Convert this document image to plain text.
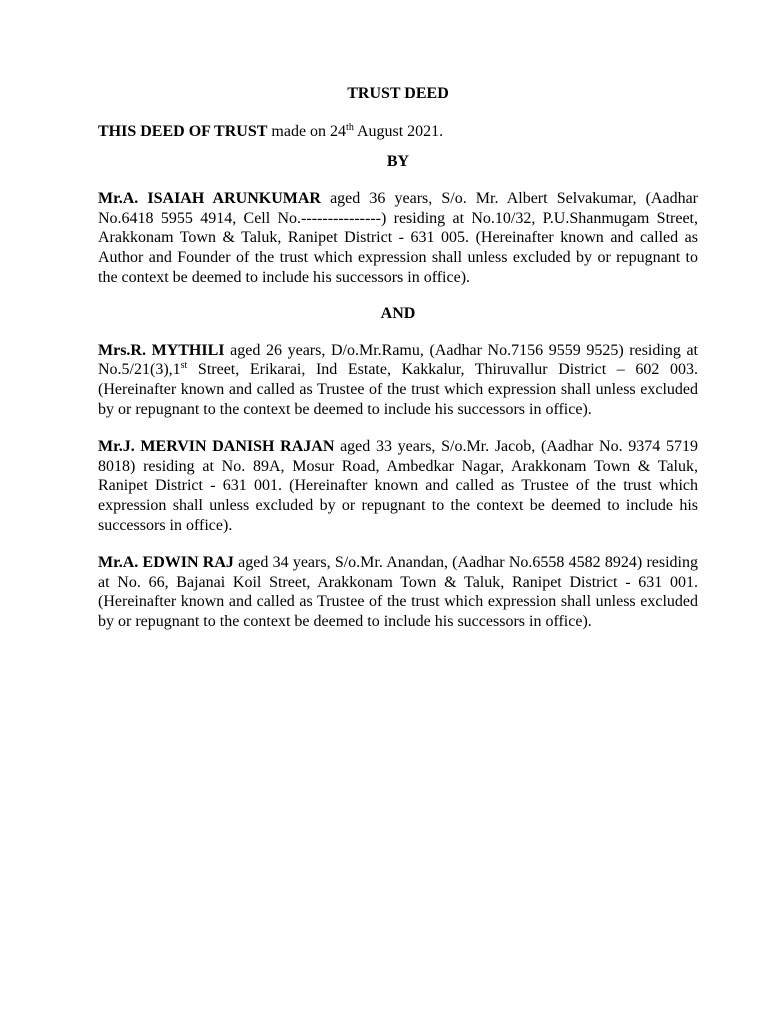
TRUST DEED

THIS DEED OF TRUST made on 24th August 2021.

BY

Mr.A. ISAIAH ARUNKUMAR aged 36 years, S/o. Mr. Albert Selvakumar, (Aadhar No.6418 5955 4914, Cell No.---------------) residing at No.10/32, P.U.Shanmugam Street, Arakkonam Town & Taluk, Ranipet District - 631 005. (Hereinafter known and called as Author and Founder of the trust which expression shall unless excluded by or repugnant to the context be deemed to include his successors in office).

AND

Mrs.R. MYTHILI aged 26 years, D/o.Mr.Ramu, (Aadhar No.7156 9559 9525) residing at No.5/21(3),1st Street, Erikarai, Ind Estate, Kakkalur, Thiruvallur District – 602 003.(Hereinafter known and called as Trustee of the trust which expression shall unless excluded by or repugnant to the context be deemed to include his successors in office).

Mr.J. MERVIN DANISH RAJAN aged 33 years, S/o.Mr. Jacob, (Aadhar No. 9374 5719 8018) residing at No. 89A, Mosur Road, Ambedkar Nagar, Arakkonam Town & Taluk, Ranipet District - 631 001. (Hereinafter known and called as Trustee of the trust which expression shall unless excluded by or repugnant to the context be deemed to include his successors in office).

Mr.A. EDWIN RAJ aged 34 years, S/o.Mr. Anandan, (Aadhar No.6558 4582 8924) residing at No. 66, Bajanai Koil Street, Arakkonam Town & Taluk, Ranipet District - 631 001. (Hereinafter known and called as Trustee of the trust which expression shall unless excluded by or repugnant to the context be deemed to include his successors in office).
